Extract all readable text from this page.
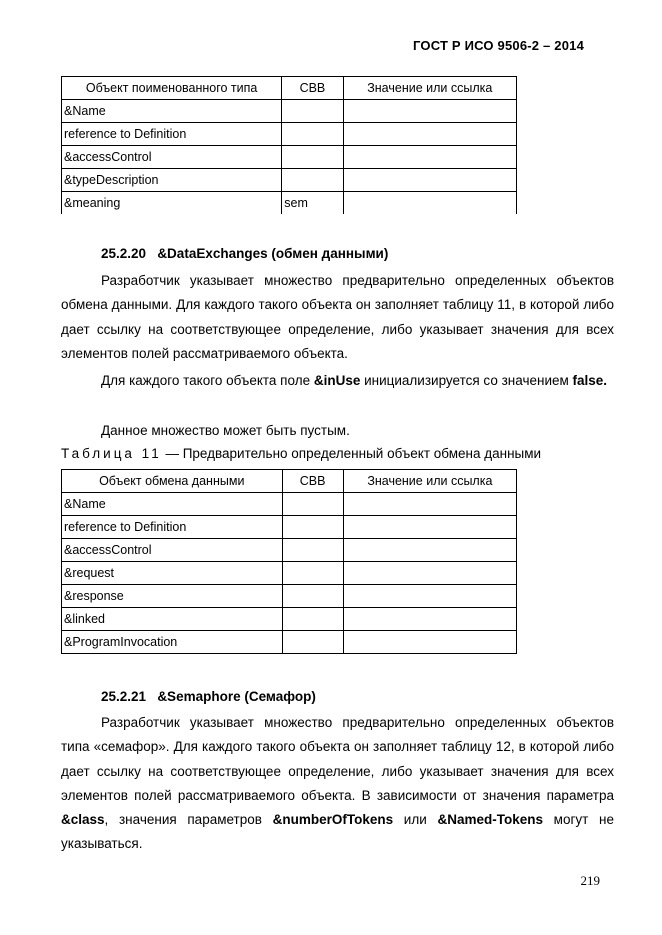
ГОСТ Р ИСО 9506-2 – 2014
Объект поименованного типа	СВВ	Значение или ссылка
&Name		
reference to Definition		
&accessControl		
&typeDescription		
&meaning	sem	
25.2.20 &DataExchanges (обмен данными)
Разработчик указывает множество предварительно определенных объектов обмена данными. Для каждого такого объекта он заполняет таблицу 11, в которой либо дает ссылку на соответствующее определение, либо указывает значения для всех элементов полей рассматриваемого объекта.
Для каждого такого объекта поле &inUse инициализируется со значением false.
Данное множество может быть пустым.
Таблица 11 — Предварительно определенный объект обмена данными
Объект обмена данными	СВВ	Значение или ссылка
&Name		
reference to Definition		
&accessControl		
&request		
&response		
&linked		
&ProgramInvocation		
25.2.21 &Semaphore (Семафор)
Разработчик указывает множество предварительно определенных объектов типа «семафор». Для каждого такого объекта он заполняет таблицу 12, в которой либо дает ссылку на соответствующее определение, либо указывает значения для всех элементов полей рассматриваемого объекта. В зависимости от значения параметра &class, значения параметров &numberOfTokens или &Named-Tokens могут не указываться.
219
